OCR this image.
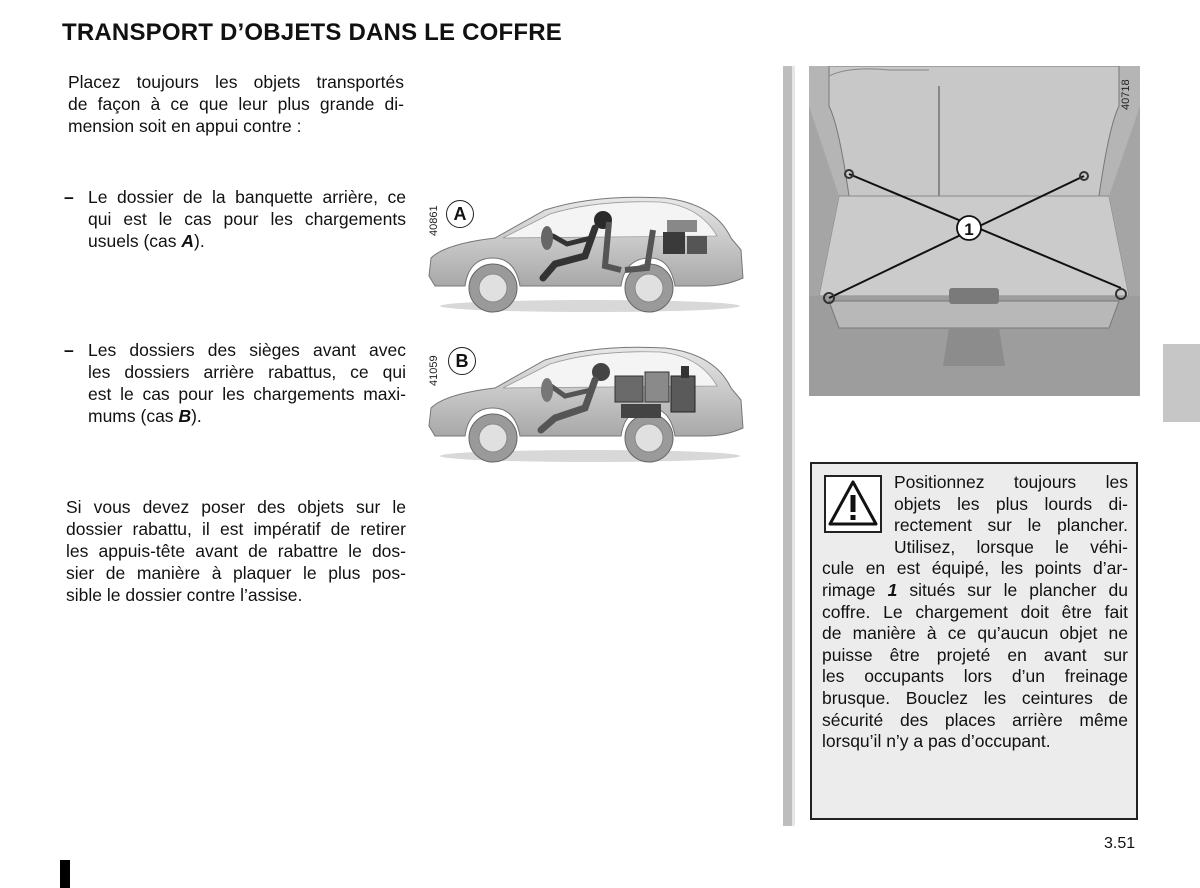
TRANSPORT D’OBJETS DANS LE COFFRE
Placez toujours les objets transportés
de façon à ce que leur plus grande di-
mension soit en appui contre :
– Le dossier de la banquette arrière, ce
qui est le cas pour les chargements
usuels (cas A).
– Les dossiers des sièges avant avec
les dossiers arrière rabattus, ce qui
est le cas pour les chargements maxi-
mums (cas B).
Si vous devez poser des objets sur le
dossier rabattu, il est impératif de retirer
les appuis-tête avant de rabattre le dos-
sier de manière à plaquer le plus pos-
sible le dossier contre l’assise.
40861 A
41059 B
1
40718
Positionnez toujours les
objets les plus lourds di-
rectement sur le plancher.
Utilisez, lorsque le véhi-
cule en est équipé, les points d’ar-
rimage 1 situés sur le plancher du
coffre. Le chargement doit être fait
de manière à ce qu’aucun objet ne
puisse être projeté en avant sur
les occupants lors d’un freinage
brusque. Bouclez les ceintures de
sécurité des places arrière même
lorsqu’il n’y a pas d’occupant.
3.51
